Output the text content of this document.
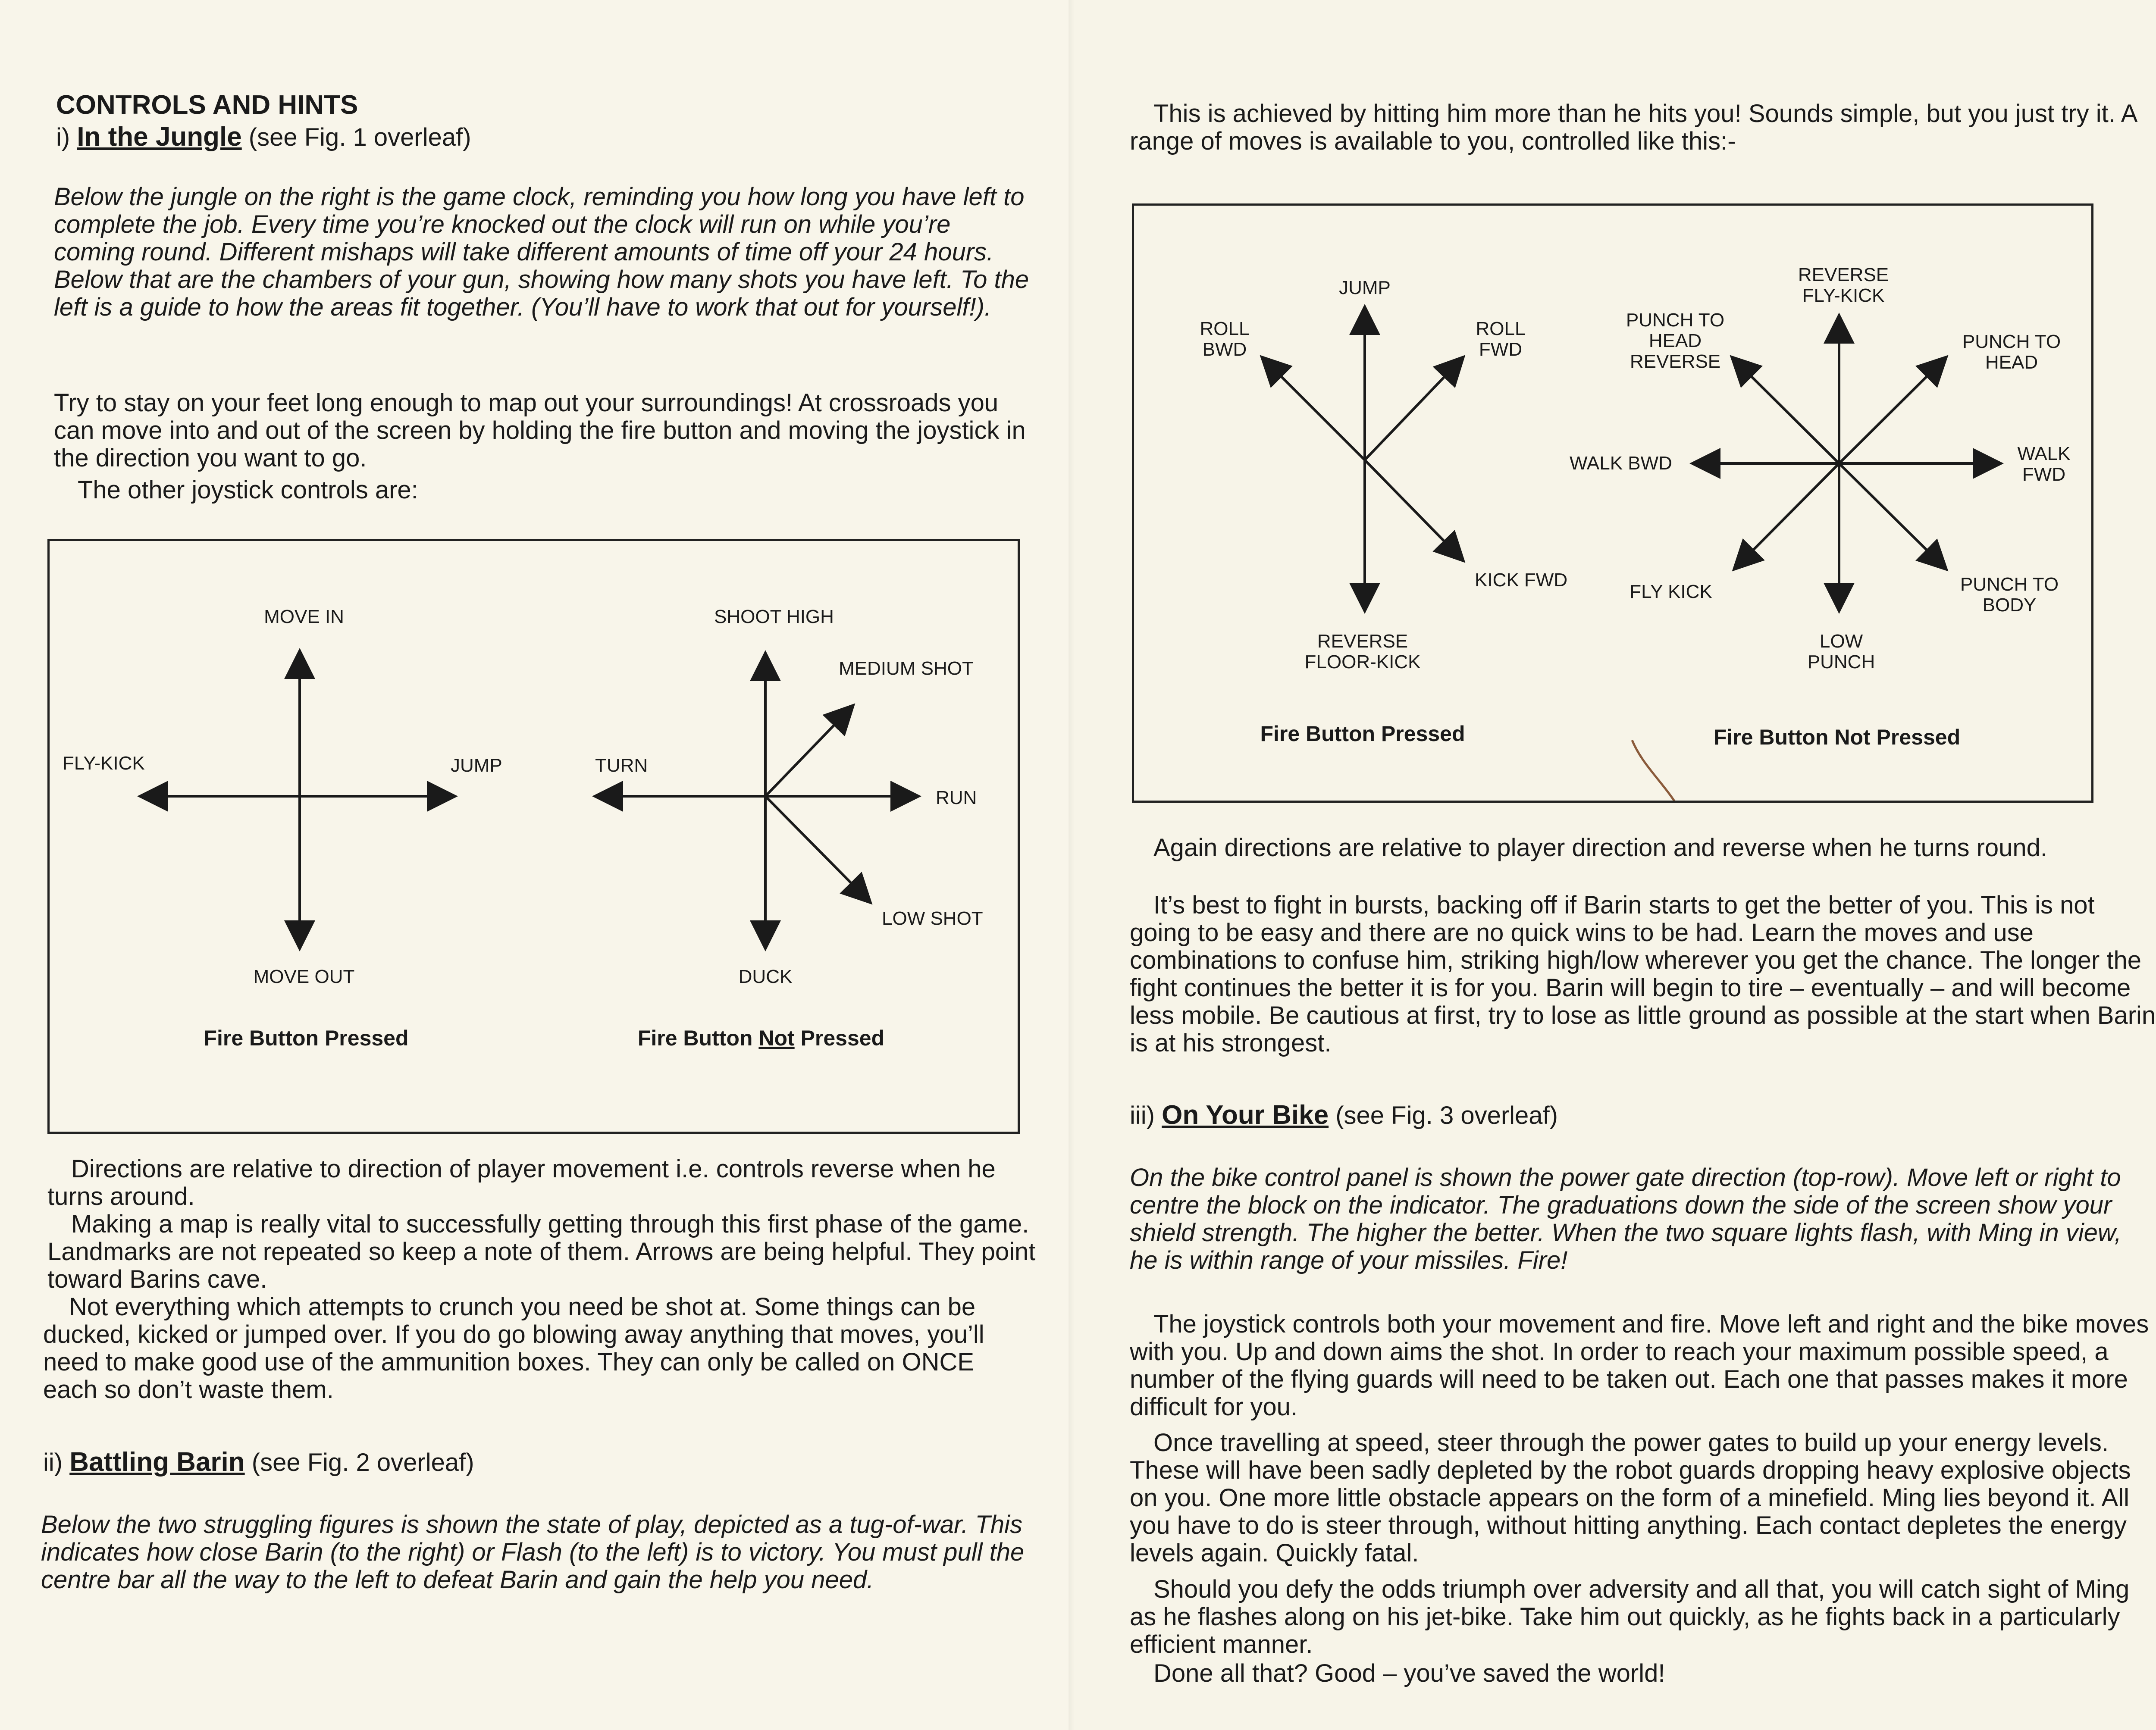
CONTROLS AND HINTS
i) In the Jungle (see Fig. 1 overleaf)

Below the jungle on the right is the game clock, reminding you how long you have left to complete the job. Every time you’re knocked out the clock will run on while you’re coming round. Different mishaps will take different amounts of time off your 24 hours. Below that are the chambers of your gun, showing how many shots you have left. To the left is a guide to how the areas fit together. (You’ll have to work that out for yourself!).

Try to stay on your feet long enough to map out your surroundings! At crossroads you can move into and out of the screen by holding the fire button and moving the joystick in the direction you want to go.

The other joystick controls are:

MOVE IN
FLY-KICK	JUMP
MOVE OUT
Fire Button Pressed
SHOOT HIGH
MEDIUM SHOT
TURN
RUN
LOW SHOT
DUCK
Fire Button Not Pressed

Directions are relative to direction of player movement i.e. controls reverse when he turns around.

Making a map is really vital to successfully getting through this first phase of the game. Landmarks are not repeated so keep a note of them. Arrows are being helpful. They point toward Barins cave.

Not everything which attempts to crunch you need be shot at. Some things can be ducked, kicked or jumped over. If you do go blowing away anything that moves, you’ll need to make good use of the ammunition boxes. They can only be called on ONCE each so don’t waste them.

ii) Battling Barin (see Fig. 2 overleaf)

Below the two struggling figures is shown the state of play, depicted as a tug-of-war. This indicates how close Barin (to the right) or Flash (to the left) is to victory. You must pull the centre bar all the way to the left to defeat Barin and gain the help you need.

This is achieved by hitting him more than he hits you! Sounds simple, but you just try it. A range of moves is available to you, controlled like this:-

JUMP
ROLL
BWD
ROLL
FWD
KICK FWD
REVERSE
FLOOR-KICK
Fire Button Pressed
REVERSE
FLY-KICK
PUNCH TO
HEAD
REVERSE
PUNCH TO
HEAD
WALK BWD	WALK
FWD
FLY KICK
LOW
PUNCH
PUNCH TO
BODY
Fire Button Not Pressed

Again directions are relative to player direction and reverse when he turns round.

It’s best to fight in bursts, backing off if Barin starts to get the better of you. This is not going to be easy and there are no quick wins to be had. Learn the moves and use combinations to confuse him, striking high/low wherever you get the chance. The longer the fight continues the better it is for you. Barin will begin to tire – eventually – and will become less mobile. Be cautious at first, try to lose as little ground as possible at the start when Barin is at his strongest.

iii) On Your Bike (see Fig. 3 overleaf)

On the bike control panel is shown the power gate direction (top-row). Move left or right to centre the block on the indicator. The graduations down the side of the screen show your shield strength. The higher the better. When the two square lights flash, with Ming in view, he is within range of your missiles. Fire!

The joystick controls both your movement and fire. Move left and right and the bike moves with you. Up and down aims the shot. In order to reach your maximum possible speed, a number of the flying guards will need to be taken out. Each one that passes makes it more difficult for you.

Once travelling at speed, steer through the power gates to build up your energy levels. These will have been sadly depleted by the robot guards dropping heavy explosive objects on you. One more little obstacle appears on the form of a minefield. Ming lies beyond it. All you have to do is steer through, without hitting anything. Each contact depletes the energy levels again. Quickly fatal.

Should you defy the odds triumph over adversity and all that, you will catch sight of Ming as he flashes along on his jet-bike. Take him out quickly, as he fights back in a particularly efficient manner.

Done all that? Good – you’ve saved the world!
